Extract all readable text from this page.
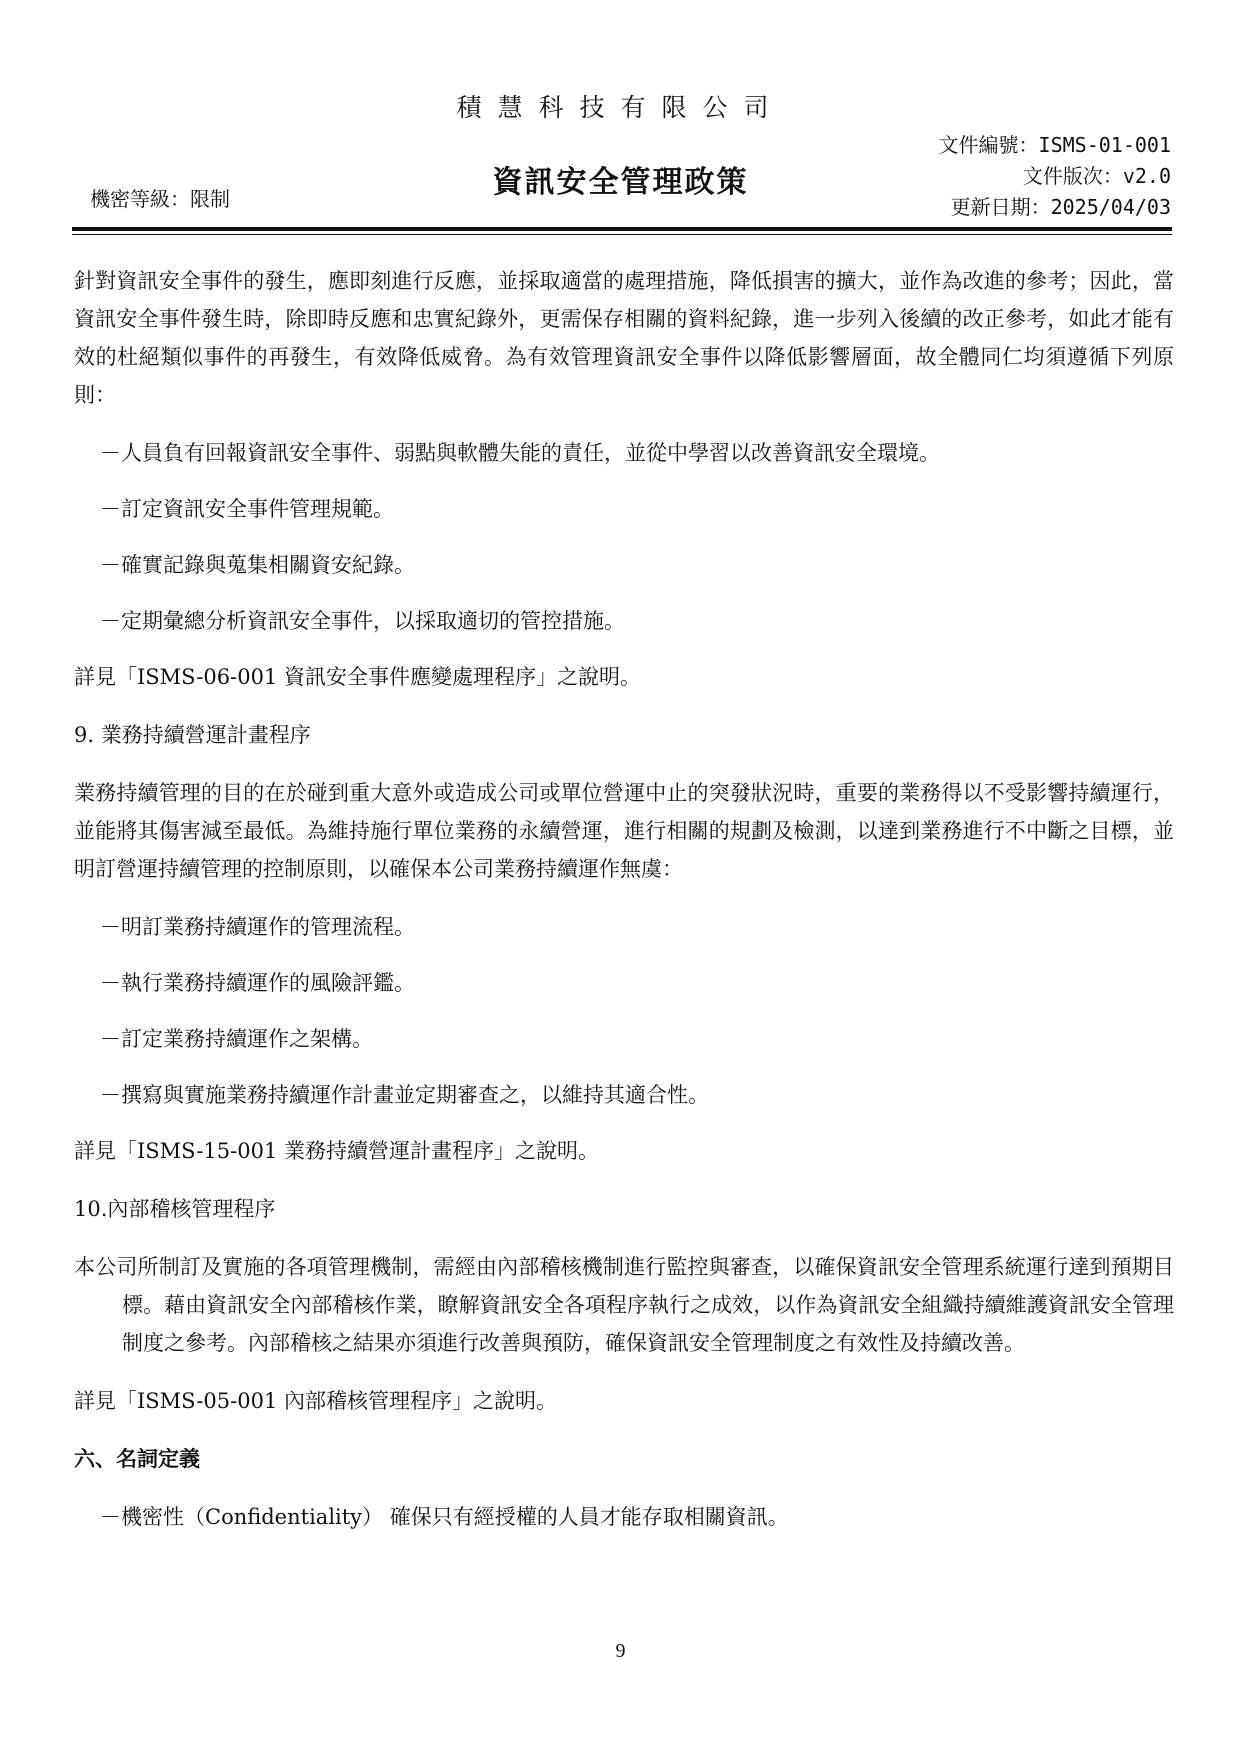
積慧科技有限公司
文件編號：ISMS-01-001
文件版次：v2.0
更新日期：2025/04/03
資訊安全管理政策
機密等級：限制

針對資訊安全事件的發生，應即刻進行反應，並採取適當的處理措施，降低損害的擴大，並作為改進的參考；因此，當資訊安全事件發生時，除即時反應和忠實紀錄外，更需保存相關的資料紀錄，進一步列入後續的改正參考，如此才能有效的杜絕類似事件的再發生，有效降低威脅。為有效管理資訊安全事件以降低影響層面，故全體同仁均須遵循下列原則：

－人員負有回報資訊安全事件、弱點與軟體失能的責任，並從中學習以改善資訊安全環境。

－訂定資訊安全事件管理規範。

－確實記錄與蒐集相關資安紀錄。

－定期彙總分析資訊安全事件，以採取適切的管控措施。

詳見「ISMS-06-001 資訊安全事件應變處理程序」之說明。

9. 業務持續營運計畫程序

業務持續管理的目的在於碰到重大意外或造成公司或單位營運中止的突發狀況時，重要的業務得以不受影響持續運行，並能將其傷害減至最低。為維持施行單位業務的永續營運，進行相關的規劃及檢測，以達到業務進行不中斷之目標，並明訂營運持續管理的控制原則，以確保本公司業務持續運作無虞：

－明訂業務持續運作的管理流程。

－執行業務持續運作的風險評鑑。

－訂定業務持續運作之架構。

－撰寫與實施業務持續運作計畫並定期審查之，以維持其適合性。

詳見「ISMS-15-001 業務持續營運計畫程序」之說明。

10.內部稽核管理程序

本公司所制訂及實施的各項管理機制，需經由內部稽核機制進行監控與審查，以確保資訊安全管理系統運行達到預期目標。藉由資訊安全內部稽核作業，瞭解資訊安全各項程序執行之成效，以作為資訊安全組織持續維護資訊安全管理制度之參考。內部稽核之結果亦須進行改善與預防，確保資訊安全管理制度之有效性及持續改善。

詳見「ISMS-05-001 內部稽核管理程序」之說明。

六、名詞定義

－機密性（Confidentiality） 確保只有經授權的人員才能存取相關資訊。

9
